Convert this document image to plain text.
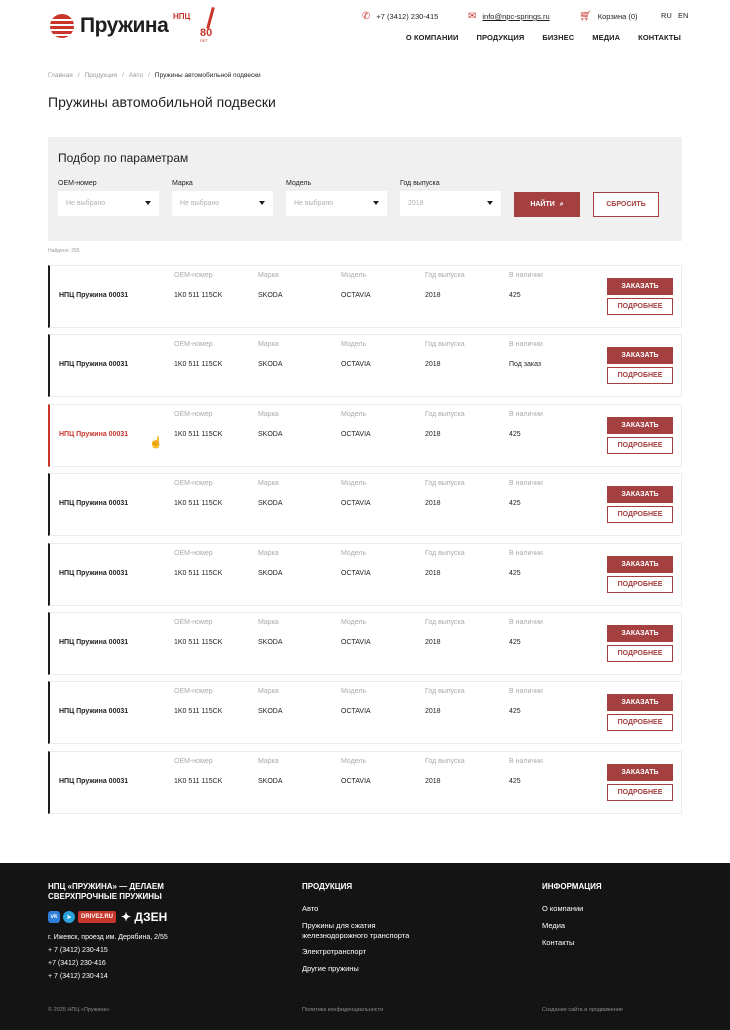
Пружина НПЦ
80
ЛЕТ
✆ +7 (3412) 230-415	✉ info@npc-springs.ru	🛒︎ Корзина (0)	RU EN
О КОМПАНИИ ПРОДУКЦИЯ БИЗНЕС МЕДИА КОНТАКТЫ
Главная / Продукция / Авто / Пружины автомобильной подвески
Пружины автомобильной подвески
Подбор по параметрам
OEM-номер
Не выбрано
Марка
Не выбрано
Модель
Не выбрано
Год выпуска
2018	НАЙТИ ⌕	СБРОСИТЬ
Найдено: 255
НПЦ Пружина 00031
OEM-номер
1K0 511 115CK
Марка
SKODA
Модель
OCTAVIA
Год выпуска
2018
В наличии
425
ЗАКАЗАТЬ
ПОДРОБНЕЕ
НПЦ Пружина 00031
OEM-номер
1K0 511 115CK
Марка
SKODA
Модель
OCTAVIA
Год выпуска
2018
В наличии
Под заказ
ЗАКАЗАТЬ
ПОДРОБНЕЕ
НПЦ Пружина 00031
OEM-номер
1K0 511 115CK
Марка
SKODA
Модель
OCTAVIA
Год выпуска
2018
В наличии
425
ЗАКАЗАТЬ
ПОДРОБНЕЕ
НПЦ Пружина 00031
OEM-номер
1K0 511 115CK
Марка
SKODA
Модель
OCTAVIA
Год выпуска
2018
В наличии
425
ЗАКАЗАТЬ
ПОДРОБНЕЕ
НПЦ Пружина 00031
OEM-номер
1K0 511 115CK
Марка
SKODA
Модель
OCTAVIA
Год выпуска
2018
В наличии
425
ЗАКАЗАТЬ
ПОДРОБНЕЕ
НПЦ Пружина 00031
OEM-номер
1K0 511 115CK
Марка
SKODA
Модель
OCTAVIA
Год выпуска
2018
В наличии
425
ЗАКАЗАТЬ
ПОДРОБНЕЕ
НПЦ Пружина 00031
OEM-номер
1K0 511 115CK
Марка
SKODA
Модель
OCTAVIA
Год выпуска
2018
В наличии
425
ЗАКАЗАТЬ
ПОДРОБНЕЕ
НПЦ Пружина 00031
OEM-номер
1K0 511 115CK
Марка
SKODA
Модель
OCTAVIA
Год выпуска
2018
В наличии
425
ЗАКАЗАТЬ
ПОДРОБНЕЕ
☝
НПЦ «ПРУЖИНА» — ДЕЛАЕМ СВЕРХПРОЧНЫЕ ПРУЖИНЫ
vk	➤	DRIVE2.RU ✦ ДЗЕН
г. Ижевск, проезд им. Дерябина, 2/55
+ 7 (3412) 230-415
+7 (3412) 230-416
+ 7 (3412) 230-414
ПРОДУКЦИЯ
Авто
Пружины для сжатия железнодорожного транспорта
Электротранспорт
Другие пружины
ИНФОРМАЦИЯ
О компании
Медиа
Контакты
© 2025 НПЦ «Пружина»	Политика конфиденциальности	Создание сайта и продвижение
